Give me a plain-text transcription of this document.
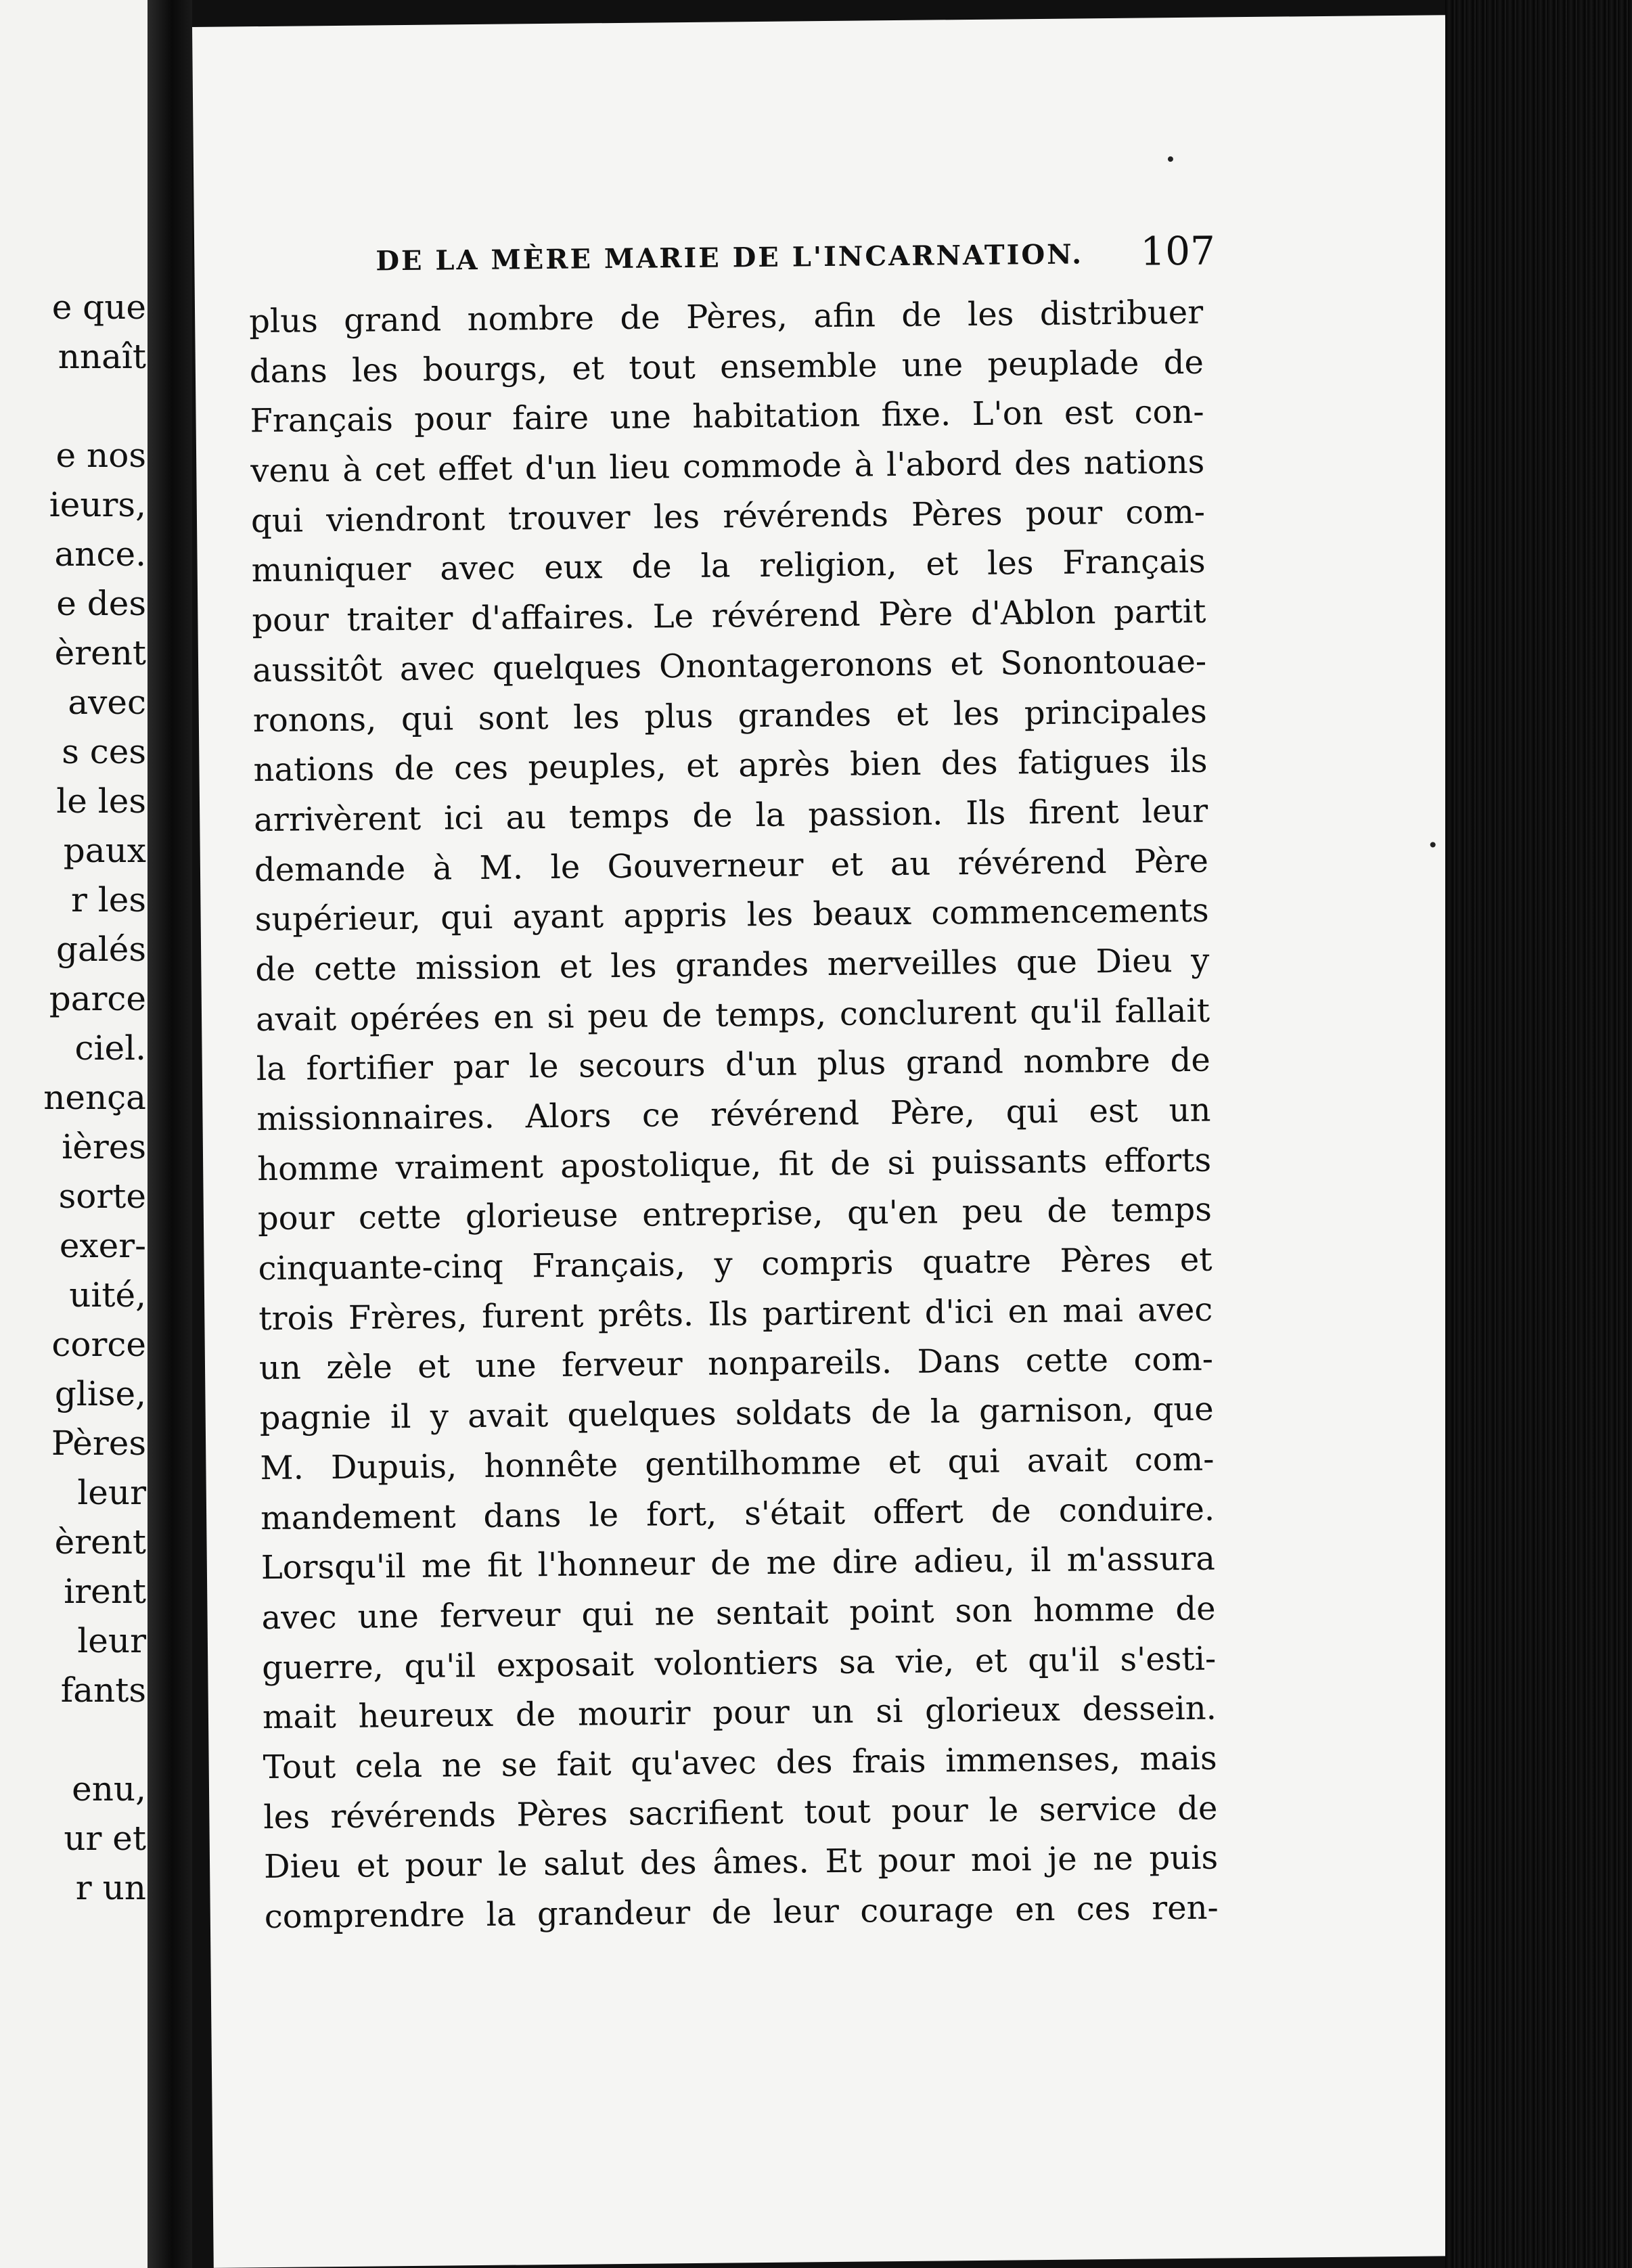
e que
nnaît
e nos
ieurs,
ance.
e des
èrent
avec
s ces
le les
paux
r les
galés
parce
ciel.
nença
ières
sorte
exer-
uité,
corce
glise,
Pères
leur
èrent
irent
leur
fants
enu,
ur et
r un
DE LA MÈRE MARIE DE L'INCARNATION. 107
plus grand nombre de Pères, afin de les distribuer
dans les bourgs, et tout ensemble une peuplade de
Français pour faire une habitation fixe. L'on est con-
venu à cet effet d'un lieu commode à l'abord des nations
qui viendront trouver les révérends Pères pour com-
muniquer avec eux de la religion, et les Français
pour traiter d'affaires. Le révérend Père d'Ablon partit
aussitôt avec quelques Onontageronons et Sonontouae-
ronons, qui sont les plus grandes et les principales
nations de ces peuples, et après bien des fatigues ils
arrivèrent ici au temps de la passion. Ils firent leur
demande à M. le Gouverneur et au révérend Père
supérieur, qui ayant appris les beaux commencements
de cette mission et les grandes merveilles que Dieu y
avait opérées en si peu de temps, conclurent qu'il fallait
la fortifier par le secours d'un plus grand nombre de
missionnaires. Alors ce révérend Père, qui est un
homme vraiment apostolique, fit de si puissants efforts
pour cette glorieuse entreprise, qu'en peu de temps
cinquante-cinq Français, y compris quatre Pères et
trois Frères, furent prêts. Ils partirent d'ici en mai avec
un zèle et une ferveur nonpareils. Dans cette com-
pagnie il y avait quelques soldats de la garnison, que
M. Dupuis, honnête gentilhomme et qui avait com-
mandement dans le fort, s'était offert de conduire.
Lorsqu'il me fit l'honneur de me dire adieu, il m'assura
avec une ferveur qui ne sentait point son homme de
guerre, qu'il exposait volontiers sa vie, et qu'il s'esti-
mait heureux de mourir pour un si glorieux dessein.
Tout cela ne se fait qu'avec des frais immenses, mais
les révérends Pères sacrifient tout pour le service de
Dieu et pour le salut des âmes. Et pour moi je ne puis
comprendre la grandeur de leur courage en ces ren-
